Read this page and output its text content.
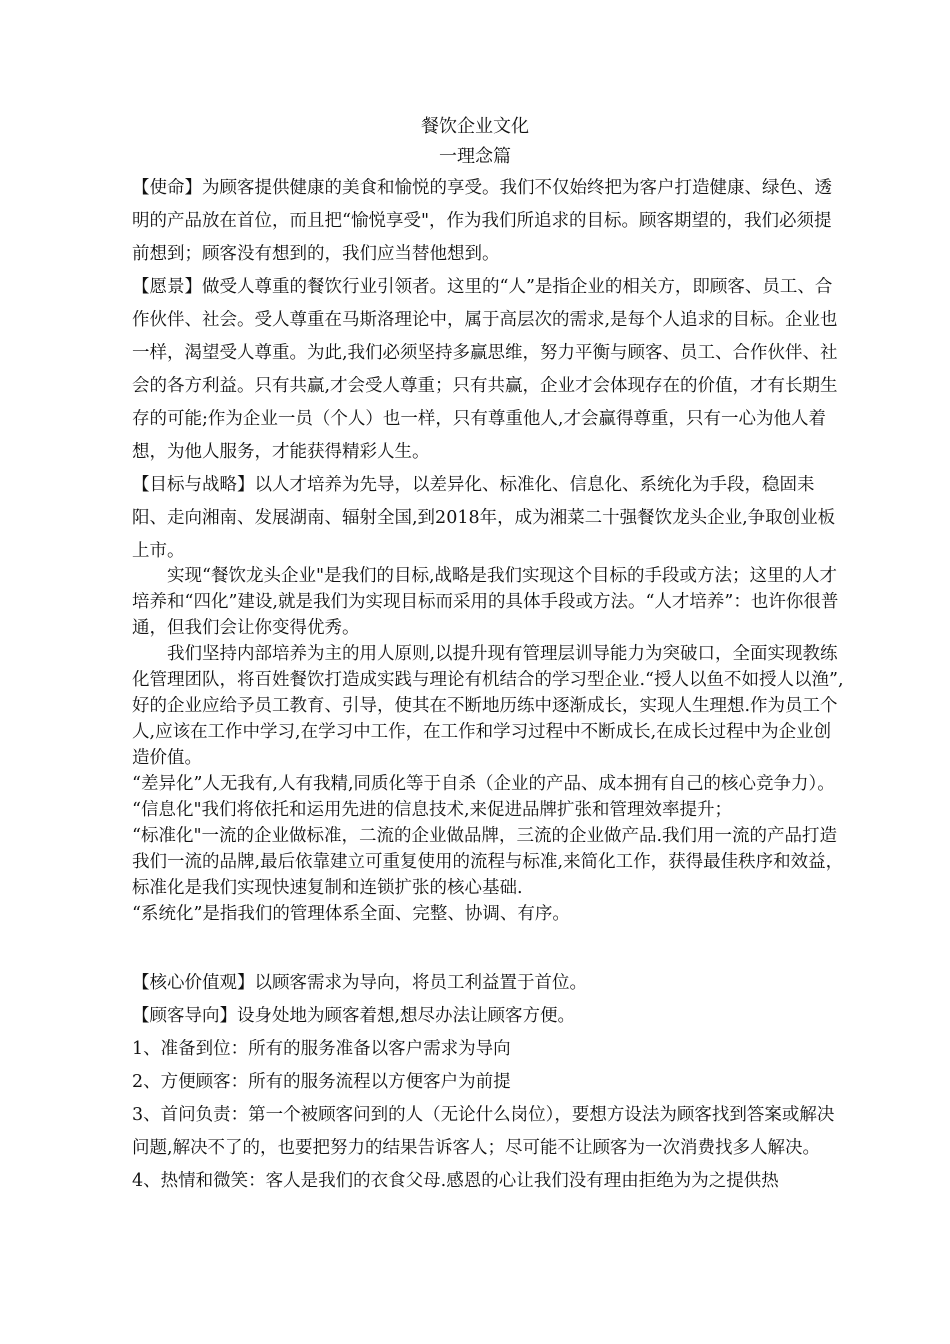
餐饮企业文化
一理念篇
【使命】为顾客提供健康的美食和愉悦的享受。我们不仅始终把为客户打造健康、绿色、透明的产品放在首位，而且把“愉悦享受"，作为我们所追求的目标。顾客期望的，我们必须提前想到；顾客没有想到的，我们应当替他想到。
【愿景】做受人尊重的餐饮行业引领者。这里的“人”是指企业的相关方，即顾客、员工、合作伙伴、社会。受人尊重在马斯洛理论中，属于高层次的需求,是每个人追求的目标。企业也一样，渴望受人尊重。为此,我们必须坚持多赢思维，努力平衡与顾客、员工、合作伙伴、社会的各方利益。只有共赢,才会受人尊重；只有共赢，企业才会体现存在的价值，才有长期生存的可能;作为企业一员（个人）也一样，只有尊重他人,才会赢得尊重，只有一心为他人着想，为他人服务，才能获得精彩人生。
【目标与战略】以人才培养为先导，以差异化、标准化、信息化、系统化为手段，稳固耒阳、走向湘南、发展湖南、辐射全国,到2018年，成为湘菜二十强餐饮龙头企业,争取创业板上市。

实现“餐饮龙头企业"是我们的目标,战略是我们实现这个目标的手段或方法；这里的人才培养和“四化”建设,就是我们为实现目标而采用的具体手段或方法。“人才培养”：也许你很普通，但我们会让你变得优秀。

我们坚持内部培养为主的用人原则,以提升现有管理层训导能力为突破口，全面实现教练化管理团队，将百姓餐饮打造成实践与理论有机结合的学习型企业.“授人以鱼不如授人以渔”,好的企业应给予员工教育、引导，使其在不断地历练中逐渐成长，实现人生理想.作为员工个人,应该在工作中学习,在学习中工作，在工作和学习过程中不断成长,在成长过程中为企业创造价值。

“差异化”人无我有,人有我精,同质化等于自杀（企业的产品、成本拥有自己的核心竞争力）。

“信息化"我们将依托和运用先进的信息技术,来促进品牌扩张和管理效率提升；

“标准化"一流的企业做标准，二流的企业做品牌，三流的企业做产品.我们用一流的产品打造我们一流的品牌,最后依靠建立可重复使用的流程与标准,来简化工作，获得最佳秩序和效益，标准化是我们实现快速复制和连锁扩张的核心基础.

“系统化”是指我们的管理体系全面、完整、协调、有序。

【核心价值观】以顾客需求为导向，将员工利益置于首位。

【顾客导向】设身处地为顾客着想,想尽办法让顾客方便。

1、准备到位：所有的服务准备以客户需求为导向

2、方便顾客：所有的服务流程以方便客户为前提

3、首问负责：第一个被顾客问到的人（无论什么岗位），要想方设法为顾客找到答案或解决问题,解决不了的，也要把努力的结果告诉客人；尽可能不让顾客为一次消费找多人解决。

4、热情和微笑：客人是我们的衣食父母.感恩的心让我们没有理由拒绝为为之提供热
